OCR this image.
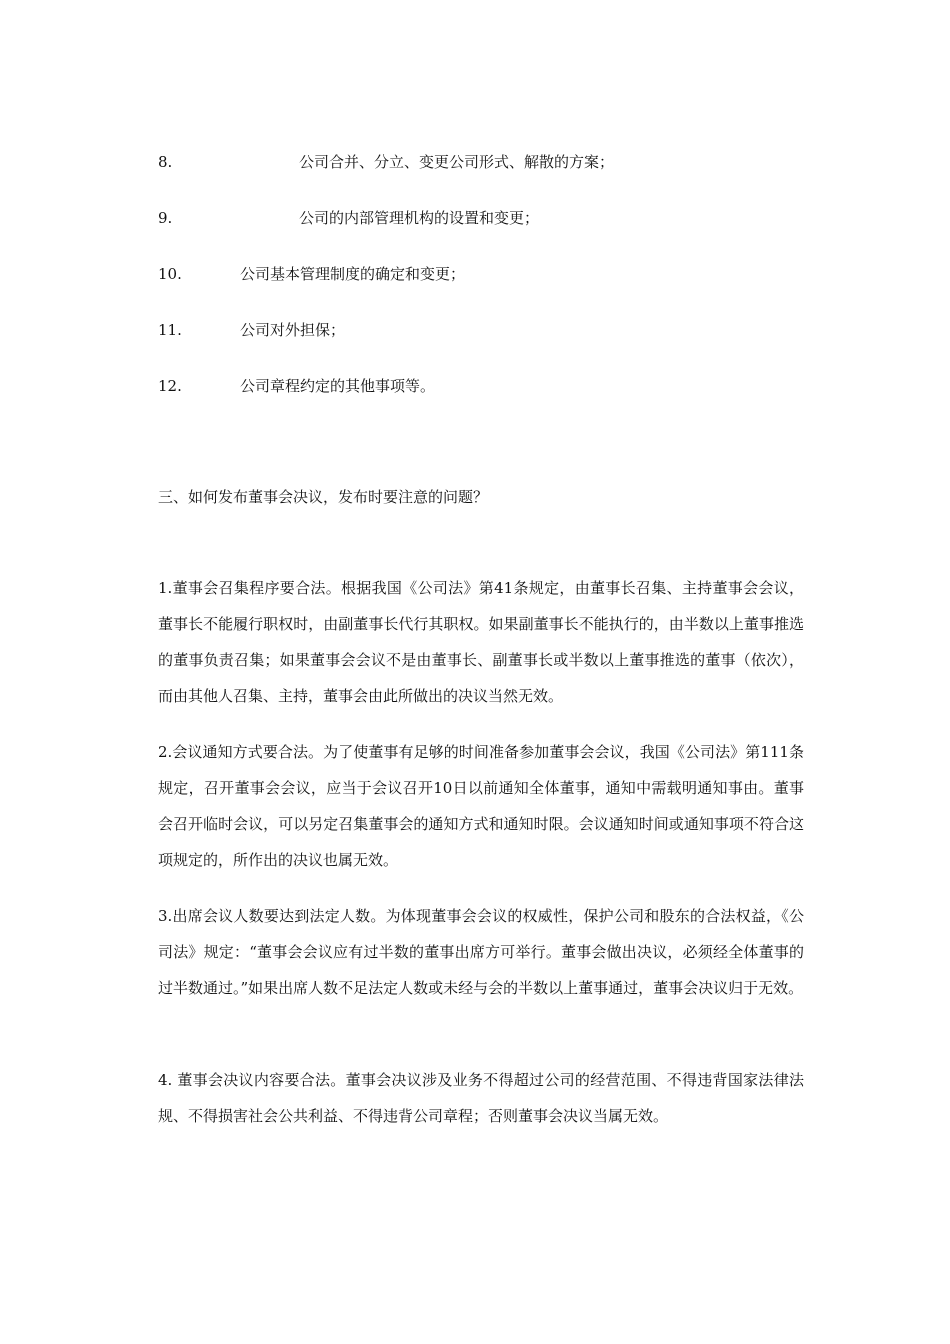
8.	公司合并、分立、变更公司形式、解散的方案；
9.	公司的内部管理机构的设置和变更；
10.	公司基本管理制度的确定和变更；
11.	公司对外担保；
12.	公司章程约定的其他事项等。
三、如何发布董事会决议，发布时要注意的问题？

1.董事会召集程序要合法。根据我国《公司法》第41条规定，由董事长召集、主持董事会会议，董事长不能履行职权时，由副董事长代行其职权。如果副董事长不能执行的，由半数以上董事推选的董事负责召集；如果董事会会议不是由董事长、副董事长或半数以上董事推选的董事（依次），而由其他人召集、主持，董事会由此所做出的决议当然无效。

2.会议通知方式要合法。为了使董事有足够的时间准备参加董事会会议，我国《公司法》第111条规定，召开董事会会议，应当于会议召开10日以前通知全体董事，通知中需载明通知事由。董事会召开临时会议，可以另定召集董事会的通知方式和通知时限。会议通知时间或通知事项不符合这项规定的，所作出的决议也属无效。

3.出席会议人数要达到法定人数。为体现董事会会议的权威性，保护公司和股东的合法权益，《公司法》规定：“董事会会议应有过半数的董事出席方可举行。董事会做出决议，必须经全体董事的过半数通过。”如果出席人数不足法定人数或未经与会的半数以上董事通过，董事会决议归于无效。

4. 董事会决议内容要合法。董事会决议涉及业务不得超过公司的经营范围、不得违背国家法律法规、不得损害社会公共利益、不得违背公司章程；否则董事会决议当属无效。
